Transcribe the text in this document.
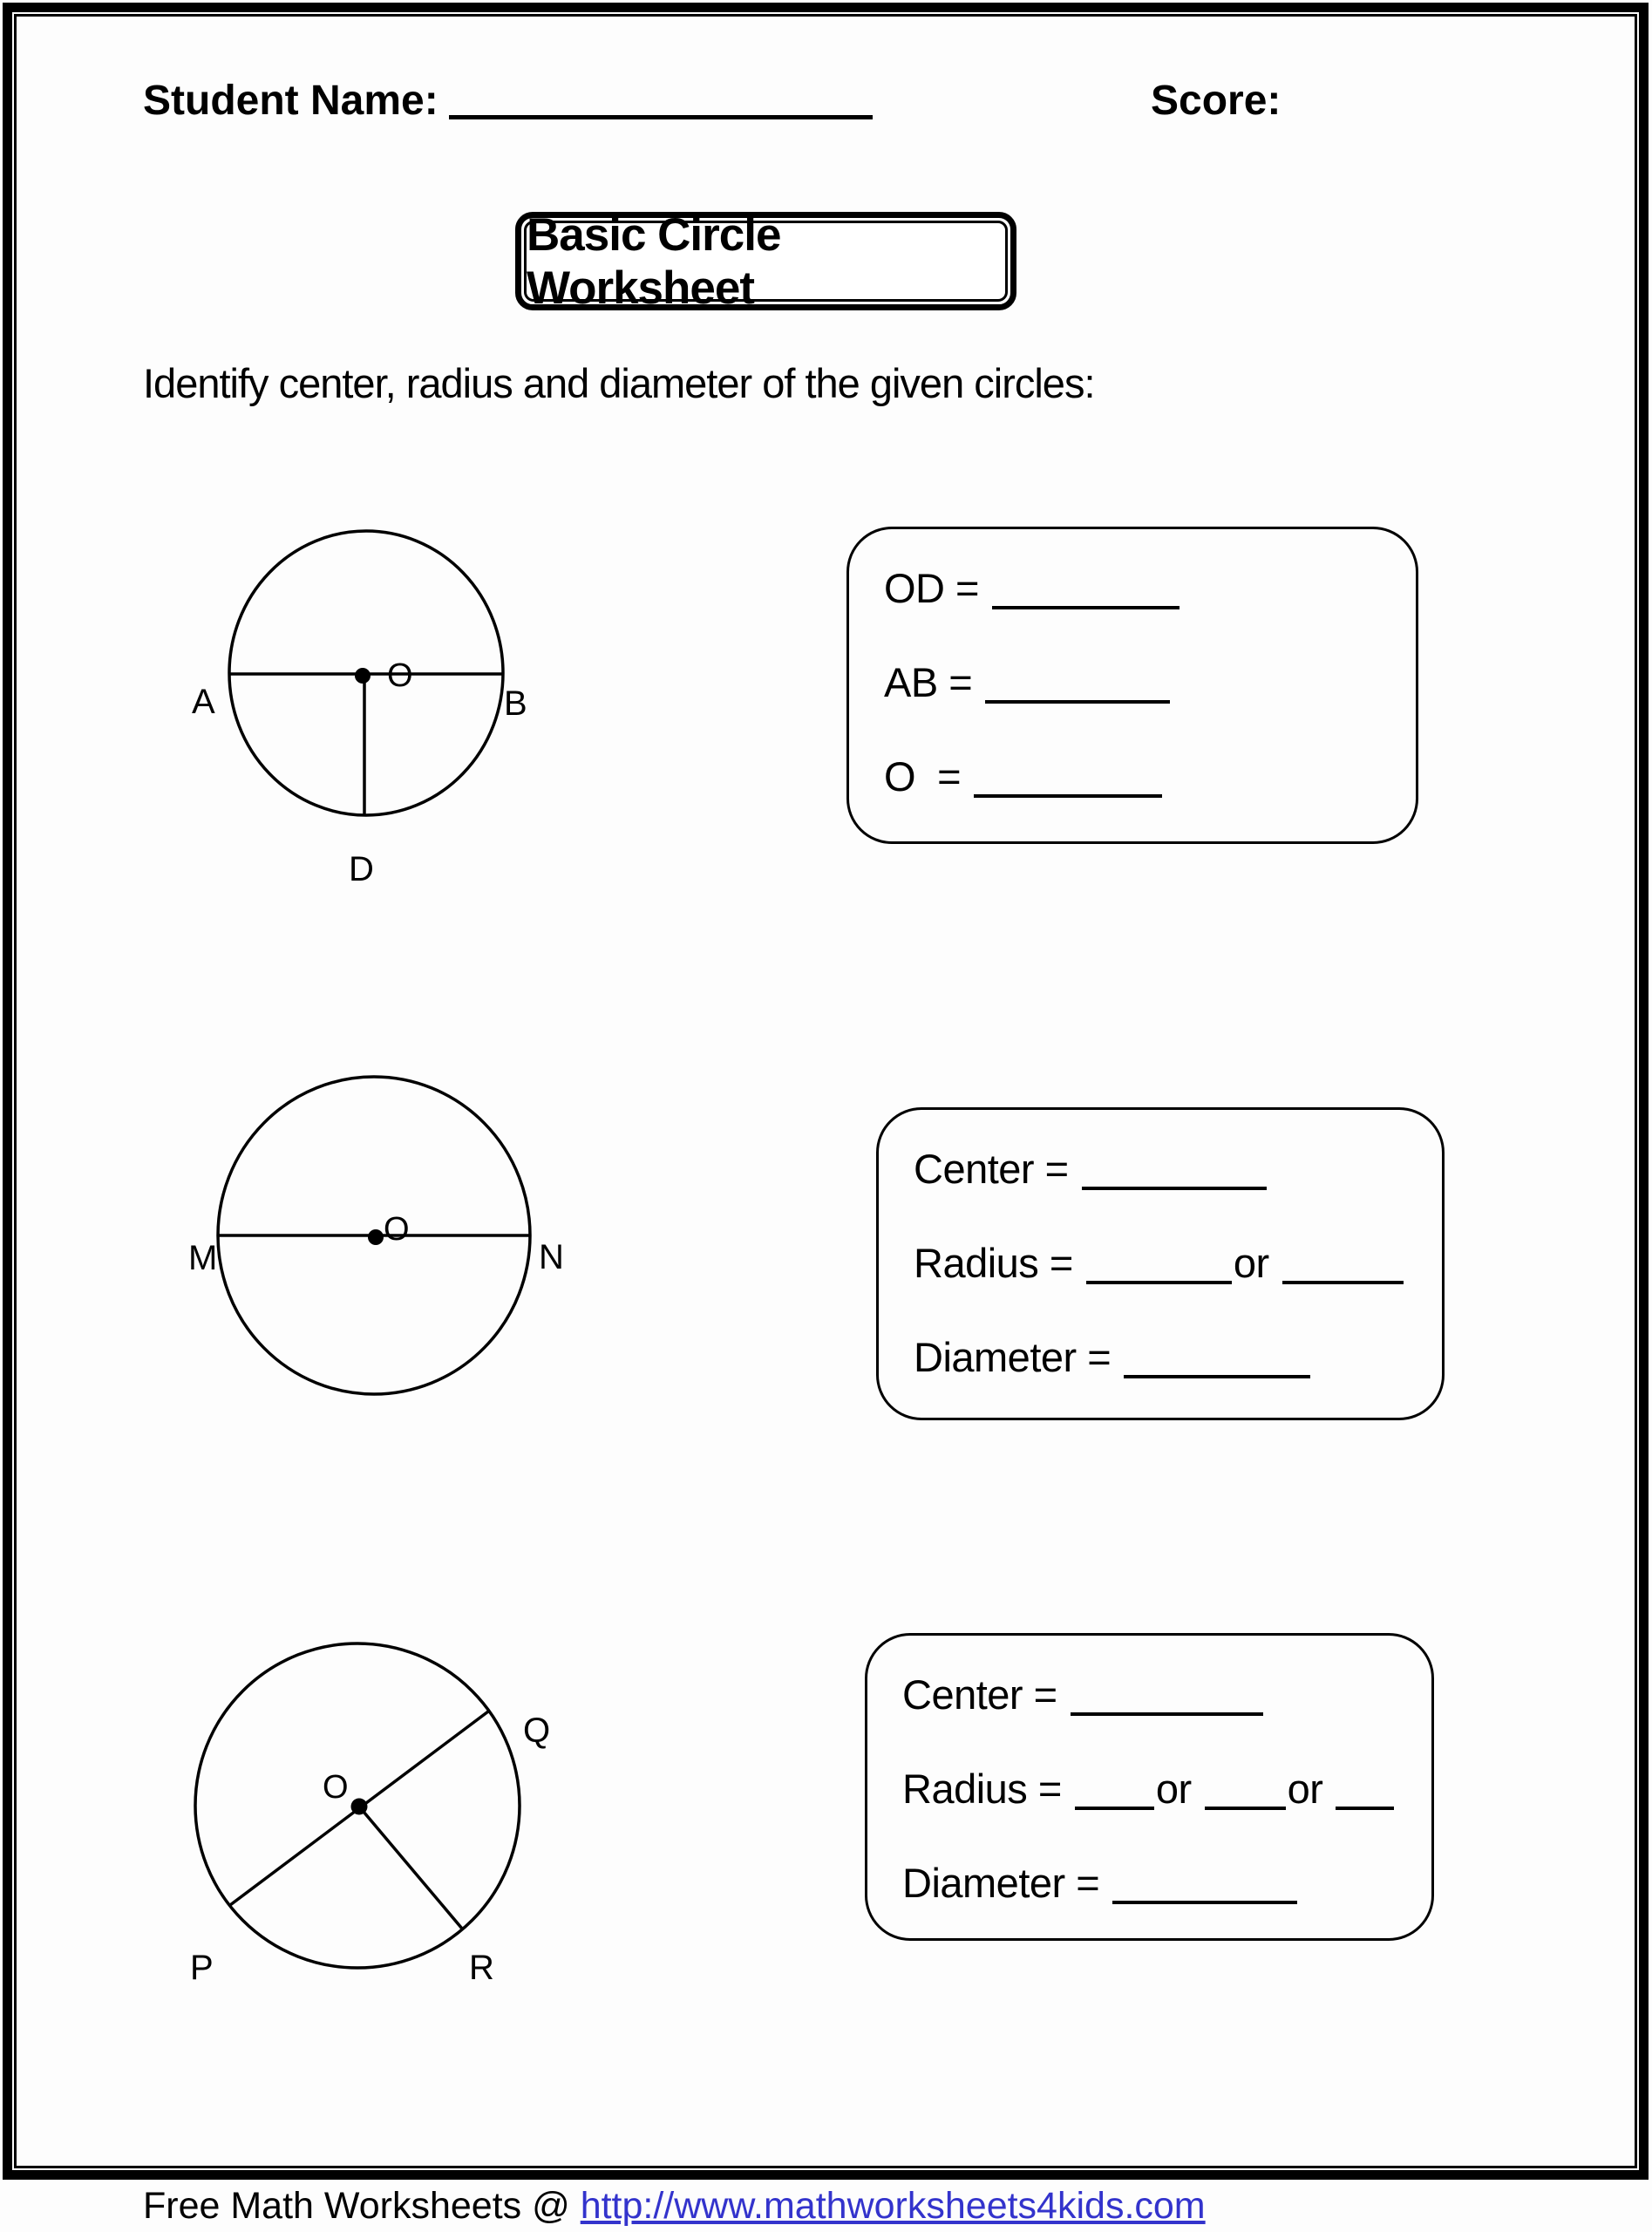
Student Name:	Score:
Basic Circle Worksheet
Identify center, radius and diameter of the given circles:
O
A	B
D
OD =
AB =
O  =
O
M	N
Center =
Radius =	or
Diameter =
O
Q
P	R
Center =
Radius = or or
Diameter =
Free Math Worksheets @ http://www.mathworksheets4kids.com
